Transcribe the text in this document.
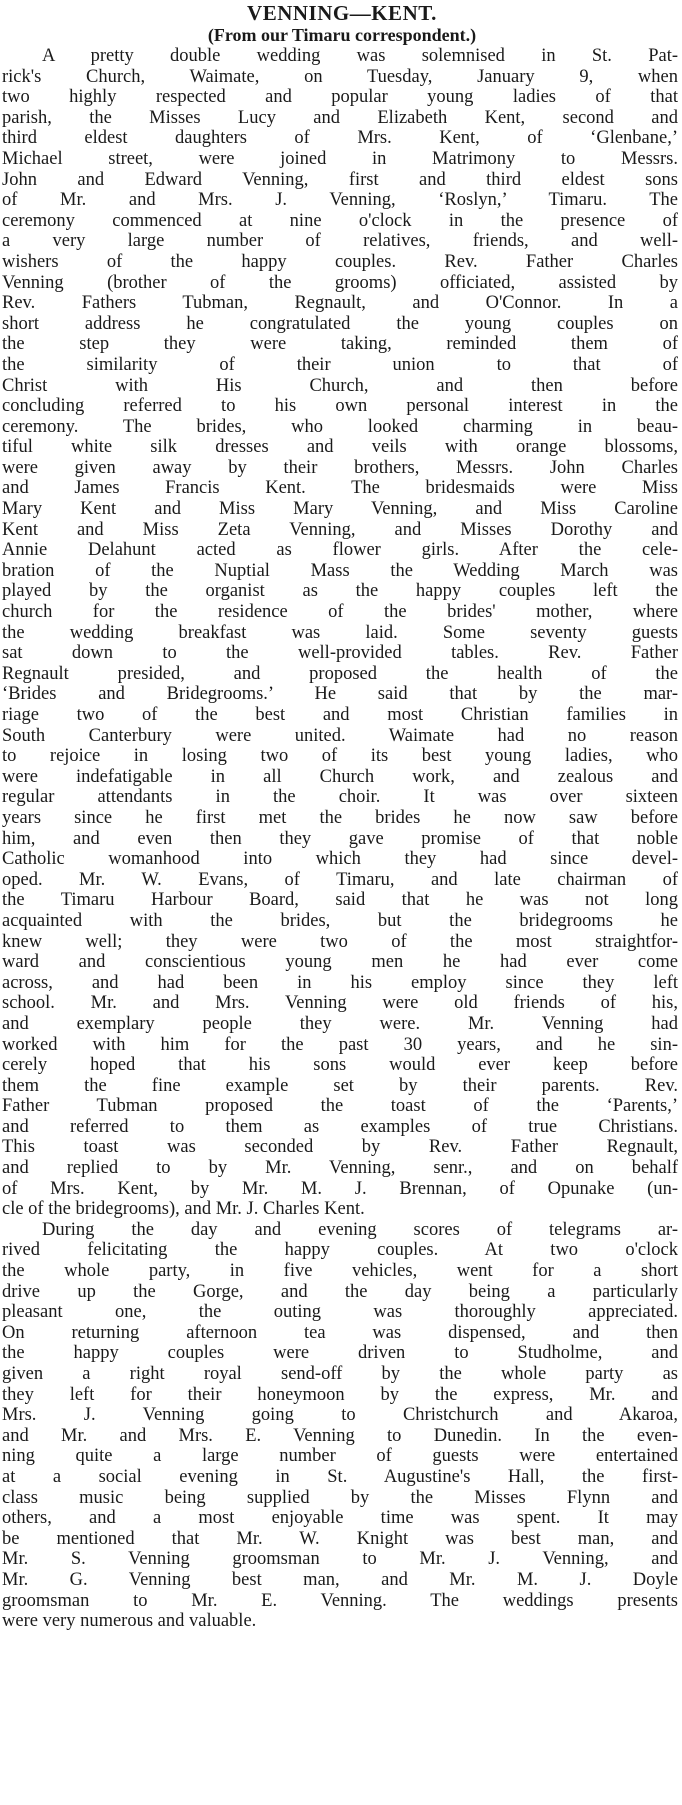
VENNING—KENT.
(From our Timaru correspondent.)
A pretty double wedding was solemnised in St. Pat-
rick's Church, Waimate, on Tuesday, January 9, when
two highly respected and popular young ladies of that
parish, the Misses Lucy and Elizabeth Kent, second and
third eldest daughters of Mrs. Kent, of ‘Glenbane,’
Michael street, were joined in Matrimony to Messrs.
John and Edward Venning, first and third eldest sons
of Mr. and Mrs. J. Venning, ‘Roslyn,’ Timaru. The
ceremony commenced at nine o'clock in the presence of
a very large number of relatives, friends, and well-
wishers of the happy couples. Rev. Father Charles
Venning (brother of the grooms) officiated, assisted by
Rev. Fathers Tubman, Regnault, and O'Connor. In a
short address he congratulated the young couples on
the step they were taking, reminded them of
the similarity of their union to that of
Christ with His Church, and then before
concluding referred to his own personal interest in the
ceremony. The brides, who looked charming in beau-
tiful white silk dresses and veils with orange blossoms,
were given away by their brothers, Messrs. John Charles
and James Francis Kent. The bridesmaids were Miss
Mary Kent and Miss Mary Venning, and Miss Caroline
Kent and Miss Zeta Venning, and Misses Dorothy and
Annie Delahunt acted as flower girls. After the cele-
bration of the Nuptial Mass the Wedding March was
played by the organist as the happy couples left the
church for the residence of the brides' mother, where
the wedding breakfast was laid. Some seventy guests
sat down to the well-provided tables. Rev. Father
Regnault presided, and proposed the health of the
‘Brides and Bridegrooms.’ He said that by the mar-
riage two of the best and most Christian families in
South Canterbury were united. Waimate had no reason
to rejoice in losing two of its best young ladies, who
were indefatigable in all Church work, and zealous and
regular attendants in the choir. It was over sixteen
years since he first met the brides he now saw before
him, and even then they gave promise of that noble
Catholic womanhood into which they had since devel-
oped. Mr. W. Evans, of Timaru, and late chairman of
the Timaru Harbour Board, said that he was not long
acquainted with the brides, but the bridegrooms he
knew well; they were two of the most straightfor-
ward and conscientious young men he had ever come
across, and had been in his employ since they left
school. Mr. and Mrs. Venning were old friends of his,
and exemplary people they were. Mr. Venning had
worked with him for the past 30 years, and he sin-
cerely hoped that his sons would ever keep before
them the fine example set by their parents. Rev.
Father Tubman proposed the toast of the ‘Parents,’
and referred to them as examples of true Christians.
This toast was seconded by Rev. Father Regnault,
and replied to by Mr. Venning, senr., and on behalf
of Mrs. Kent, by Mr. M. J. Brennan, of Opunake (un-
cle of the bridegrooms), and Mr. J. Charles Kent.
During the day and evening scores of telegrams ar-
rived felicitating the happy couples. At two o'clock
the whole party, in five vehicles, went for a short
drive up the Gorge, and the day being a particularly
pleasant one, the outing was thoroughly appreciated.
On returning afternoon tea was dispensed, and then
the happy couples were driven to Studholme, and
given a right royal send-off by the whole party as
they left for their honeymoon by the express, Mr. and
Mrs. J. Venning going to Christchurch and Akaroa,
and Mr. and Mrs. E. Venning to Dunedin. In the even-
ning quite a large number of guests were entertained
at a social evening in St. Augustine's Hall, the first-
class music being supplied by the Misses Flynn and
others, and a most enjoyable time was spent. It may
be mentioned that Mr. W. Knight was best man, and
Mr. S. Venning groomsman to Mr. J. Venning, and
Mr. G. Venning best man, and Mr. M. J. Doyle
groomsman to Mr. E. Venning. The weddings presents
were very numerous and valuable.
